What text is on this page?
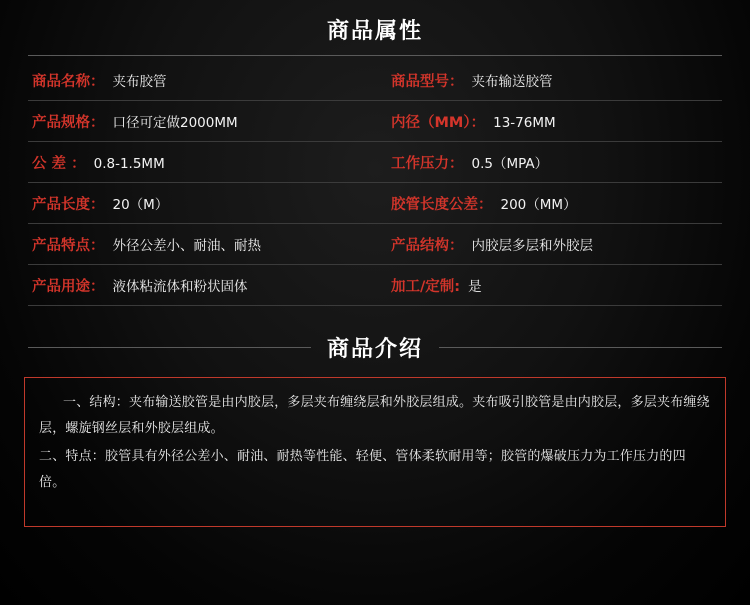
商品属性
商品名称： 夹布胶管	商品型号： 夹布输送胶管
产品规格： 口径可定做2000MM	内径（MM）： 13-76MM
公 差 ： 0.8-1.5MM	工作压力： 0.5（MPA）
产品长度： 20（M）	胶管长度公差： 200（MM）
产品特点： 外径公差小、耐油、耐热	产品结构： 内胶层多层和外胶层
产品用途： 液体粘流体和粉状固体	加工/定制: 是
商品介绍

一、结构：夹布输送胶管是由内胶层，多层夹布缠绕层和外胶层组成。夹布吸引胶管是由内胶层，多层夹布缠绕层，螺旋钢丝层和外胶层组成。

二、特点：胶管具有外径公差小、耐油、耐热等性能、轻便、管体柔软耐用等；胶管的爆破压力为工作压力的四倍。
